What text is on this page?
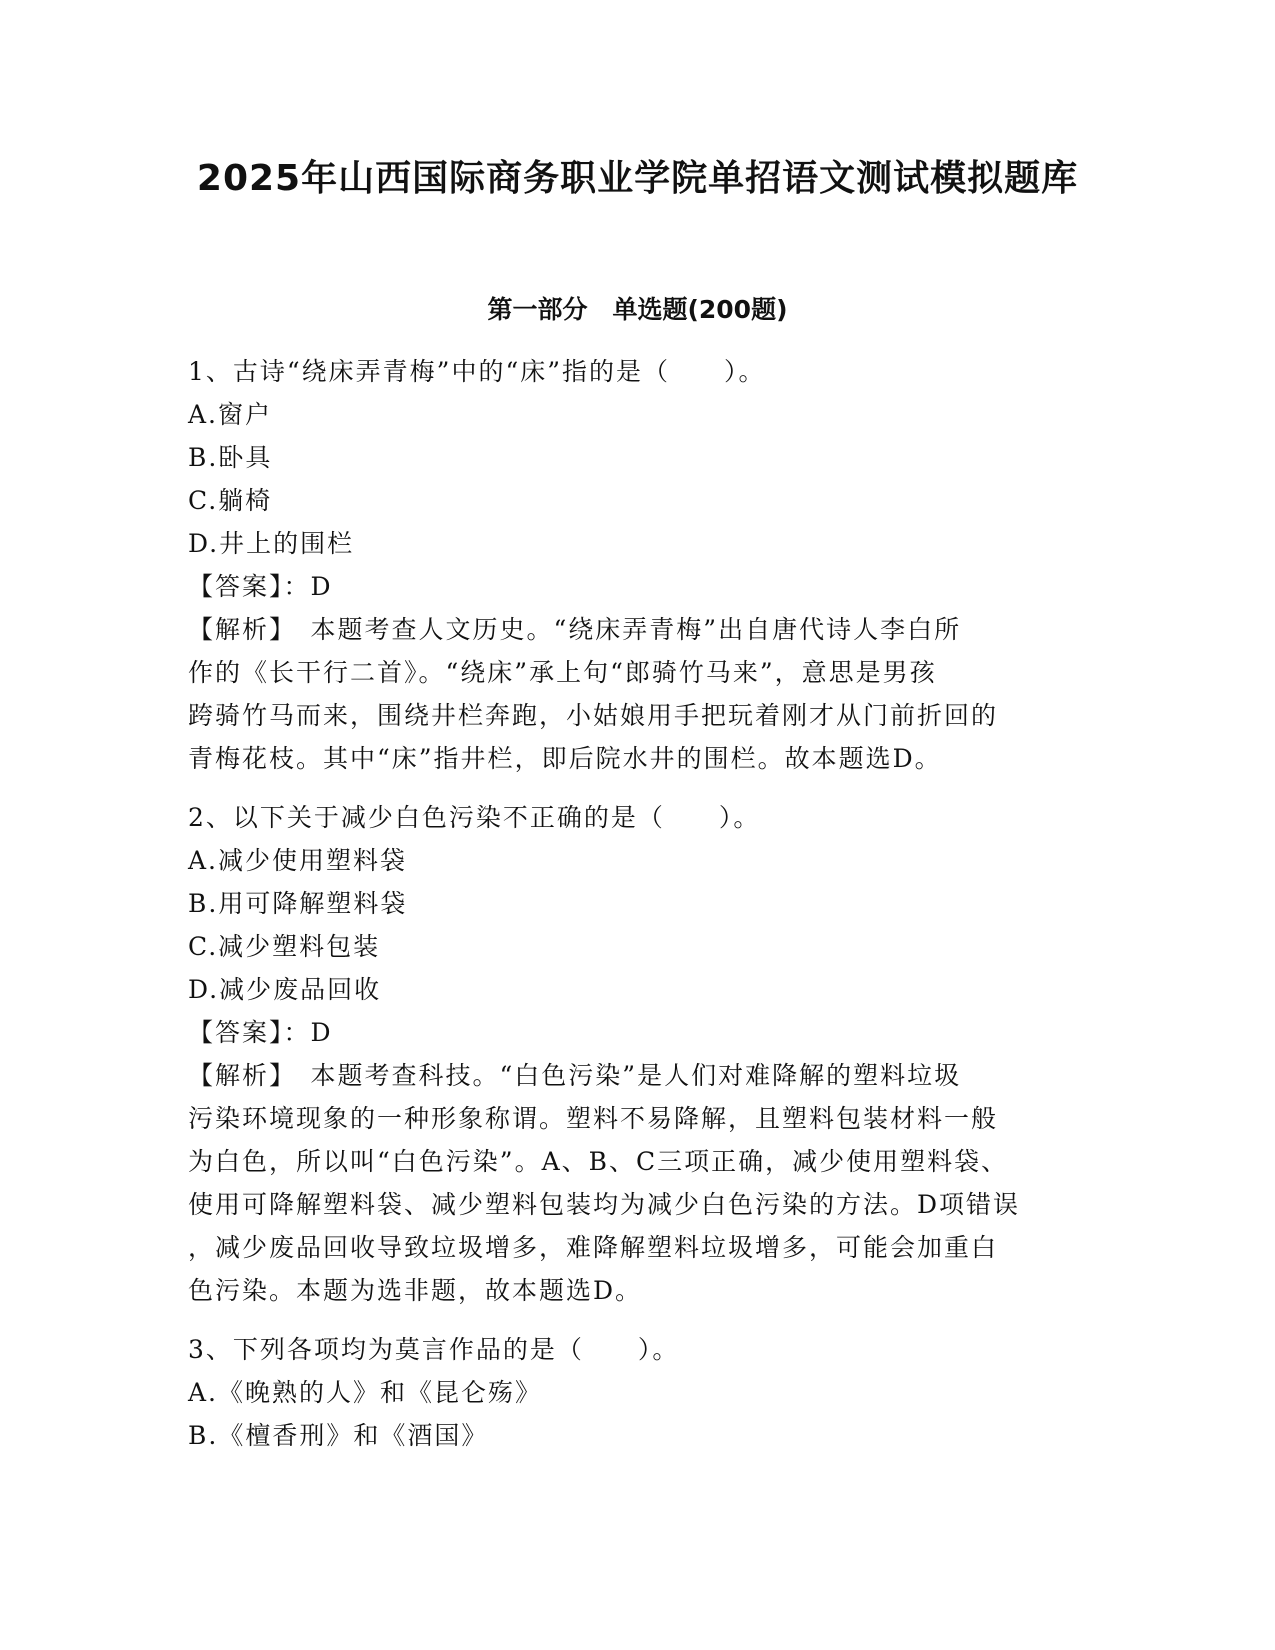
2025年山西国际商务职业学院单招语文测试模拟题库
第一部分　单选题(200题)
1、古诗“绕床弄青梅”中的“床”指的是（　　）。
A.窗户
B.卧具
C.躺椅
D.井上的围栏
【答案】：D
【解析】　本题考查人文历史。“绕床弄青梅”出自唐代诗人李白所
作的《长干行二首》。“绕床”承上句“郎骑竹马来”，意思是男孩
跨骑竹马而来，围绕井栏奔跑，小姑娘用手把玩着刚才从门前折回的
青梅花枝。其中“床”指井栏，即后院水井的围栏。故本题选D。
2、以下关于减少白色污染不正确的是（　　）。
A.减少使用塑料袋
B.用可降解塑料袋
C.减少塑料包装
D.减少废品回收
【答案】：D
【解析】　本题考查科技。“白色污染”是人们对难降解的塑料垃圾
污染环境现象的一种形象称谓。塑料不易降解，且塑料包装材料一般
为白色，所以叫“白色污染”。A、B、C三项正确，减少使用塑料袋、
使用可降解塑料袋、减少塑料包装均为减少白色污染的方法。D项错误
，减少废品回收导致垃圾增多，难降解塑料垃圾增多，可能会加重白
色污染。本题为选非题，故本题选D。
3、下列各项均为莫言作品的是（　　）。
A.《晚熟的人》和《昆仑殇》
B.《檀香刑》和《酒国》
